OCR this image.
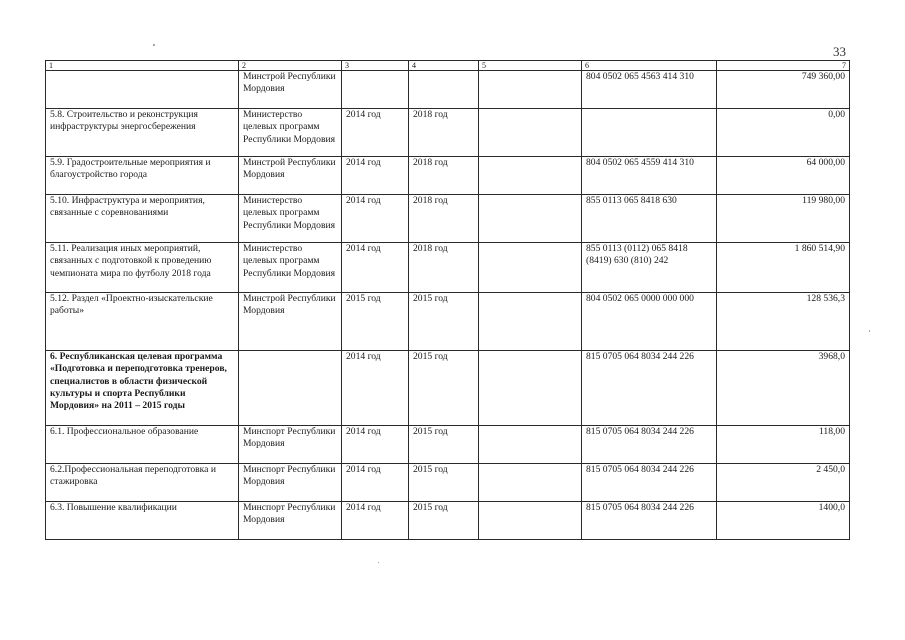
33
1	2	3	4	5	6	7
	Минстрой Республики Мордовия				804 0502 065 4563 414 310	749 360,00
5.8. Строительство и реконструкция инфраструктуры энергосбережения	Министерство целевых программ Республики Мордовия	2014 год	2018 год			0,00
5.9. Градостроительные мероприятия и благоустройство города	Минстрой Республики Мордовия	2014 год	2018 год		804 0502 065 4559 414 310	64 000,00
5.10. Инфраструктура и мероприятия, связанные с соревнованиями	Министерство целевых программ Республики Мордовия	2014 год	2018 год		855 0113 065 8418 630	119 980,00
5.11. Реализация иных мероприятий, связанных с подготовкой к проведению чемпионата мира по футболу 2018 года	Министерство целевых программ Республики Мордовия	2014 год	2018 год		855 0113 (0112) 065 8418 (8419) 630 (810) 242	1 860 514,90
5.12. Раздел «Проектно-изыскательские работы»	Минстрой Республики Мордовия	2015 год	2015 год		804 0502 065 0000 000 000	128 536,3
6. Республиканская целевая программа «Подготовка и переподготовка тренеров, специалистов в области физической культуры и спорта Республики Мордовия» на 2011 – 2015 годы		2014 год	2015 год		815 0705 064 8034 244 226	3968,0
6.1. Профессиональное образование	Минспорт Республики Мордовия	2014 год	2015 год		815 0705 064 8034 244 226	118,00
6.2.Профессиональная переподготовка и стажировка	Минспорт Республики Мордовия	2014 год	2015 год		815 0705 064 8034 244 226	2 450,0
6.3. Повышение квалификации	Минспорт Республики Мордовия	2014 год	2015 год		815 0705 064 8034 244 226	1400,0
